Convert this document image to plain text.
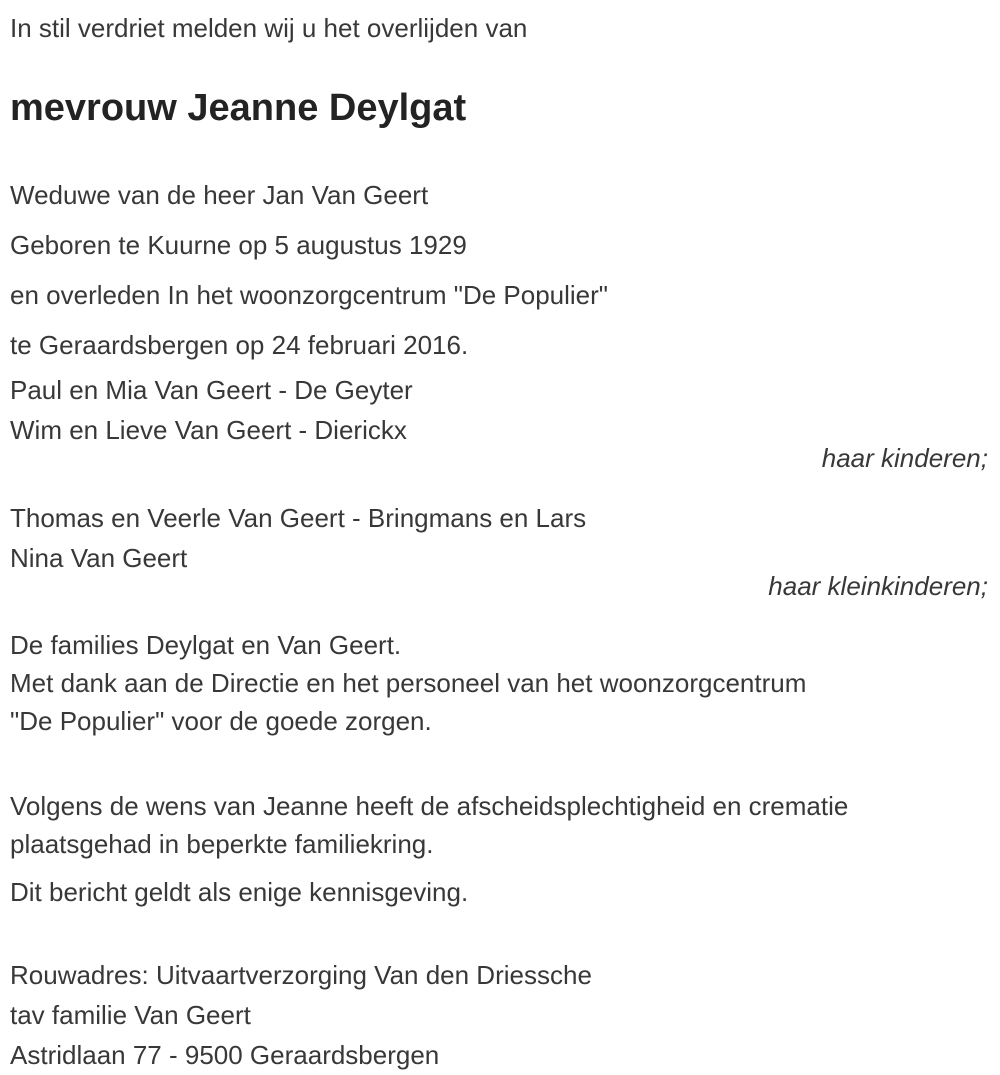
In stil verdriet melden wij u het overlijden van

mevrouw Jeanne Deylgat

Weduwe van de heer Jan Van Geert

Geboren te Kuurne op 5 augustus 1929

en overleden In het woonzorgcentrum "De Populier"

te Geraardsbergen op 24 februari 2016.

Paul en Mia Van Geert - De Geyter

Wim en Lieve Van Geert - Dierickx

haar kinderen;

Thomas en Veerle Van Geert - Bringmans en Lars

Nina Van Geert

haar kleinkinderen;

De families Deylgat en Van Geert.

Met dank aan de Directie en het personeel van het woonzorgcentrum

"De Populier" voor de goede zorgen.

Volgens de wens van Jeanne heeft de afscheidsplechtigheid en crematie

plaatsgehad in beperkte familiekring.

Dit bericht geldt als enige kennisgeving.

Rouwadres: Uitvaartverzorging Van den Driessche

tav familie Van Geert

Astridlaan 77 - 9500 Geraardsbergen
